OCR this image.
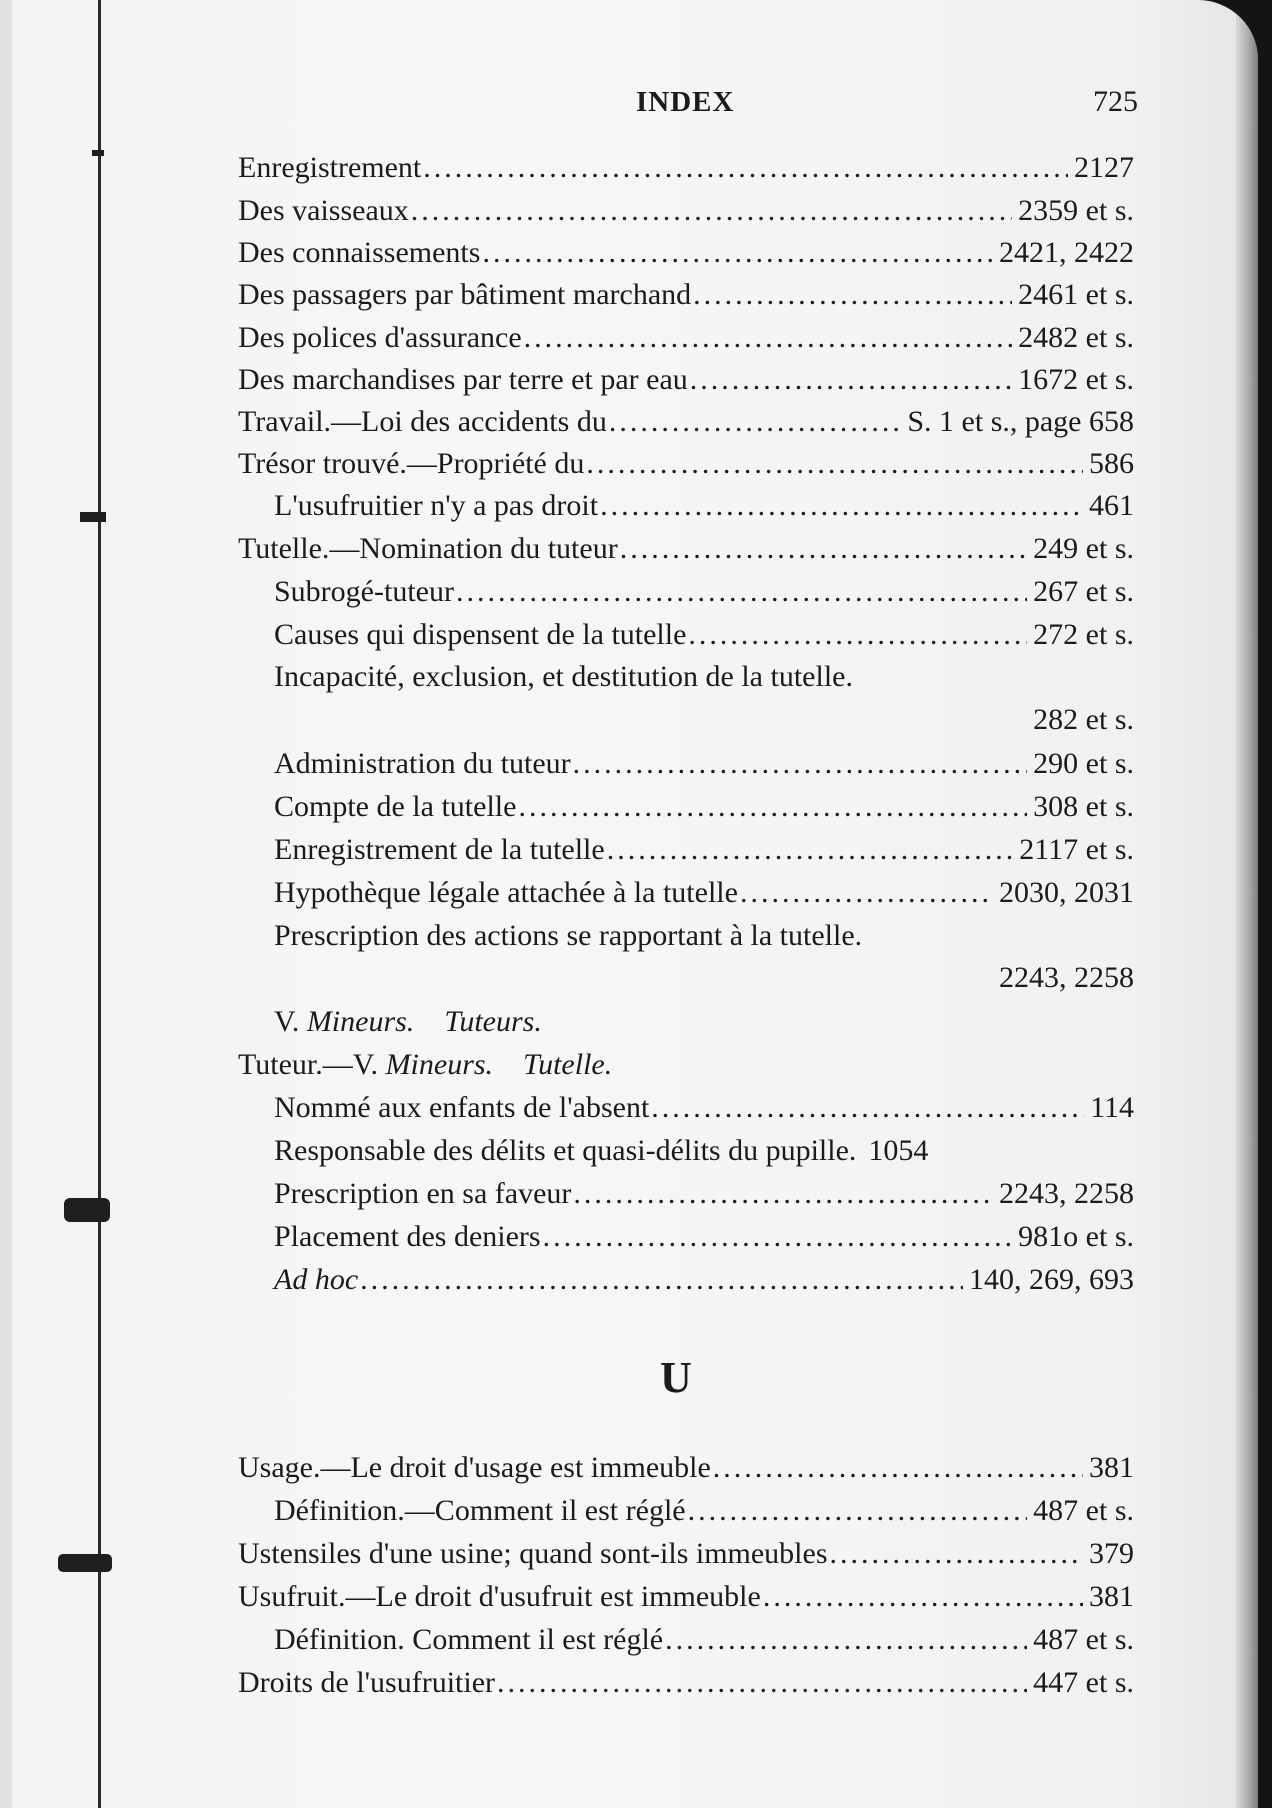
INDEX	725
Enregistrement .....	2127
Des vaisseaux .....	2359 et s.
Des connaissements .....	2421, 2422
Des passagers par bâtiment marchand .....	2461 et s.
Des polices d'assurance .....	2482 et s.
Des marchandises par terre et par eau .....	1672 et s.
Travail.—Loi des accidents du .....	S. 1 et s., page 658
Trésor trouvé.—Propriété du .....	586
L'usufruitier n'y a pas droit .....	461
Tutelle.—Nomination du tuteur .....	249 et s.
Subrogé-tuteur .....	267 et s.
Causes qui dispensent de la tutelle .....	272 et s.
Incapacité, exclusion, et destitution de la tutelle.
282 et s.
Administration du tuteur .....	290 et s.
Compte de la tutelle .....	308 et s.
Enregistrement de la tutelle .....	2117 et s.
Hypothèque légale attachée à la tutelle .....	2030, 2031
Prescription des actions se rapportant à la tutelle.
2243, 2258
V. Mineurs. Tuteurs.
Tuteur.—V. Mineurs. Tutelle.
Nommé aux enfants de l'absent .....	114
Responsable des délits et quasi-délits du pupille. 1054
Prescription en sa faveur .....	2243, 2258
Placement des deniers .....	981o et s.
Ad hoc .....	140, 269, 693
U
Usage.—Le droit d'usage est immeuble .....	381
Définition.—Comment il est réglé .....	487 et s.
Ustensiles d'une usine; quand sont-ils immeubles .....	379
Usufruit.—Le droit d'usufruit est immeuble .....	381
Définition. Comment il est réglé .....	487 et s.
Droits de l'usufruitier .....	447 et s.
